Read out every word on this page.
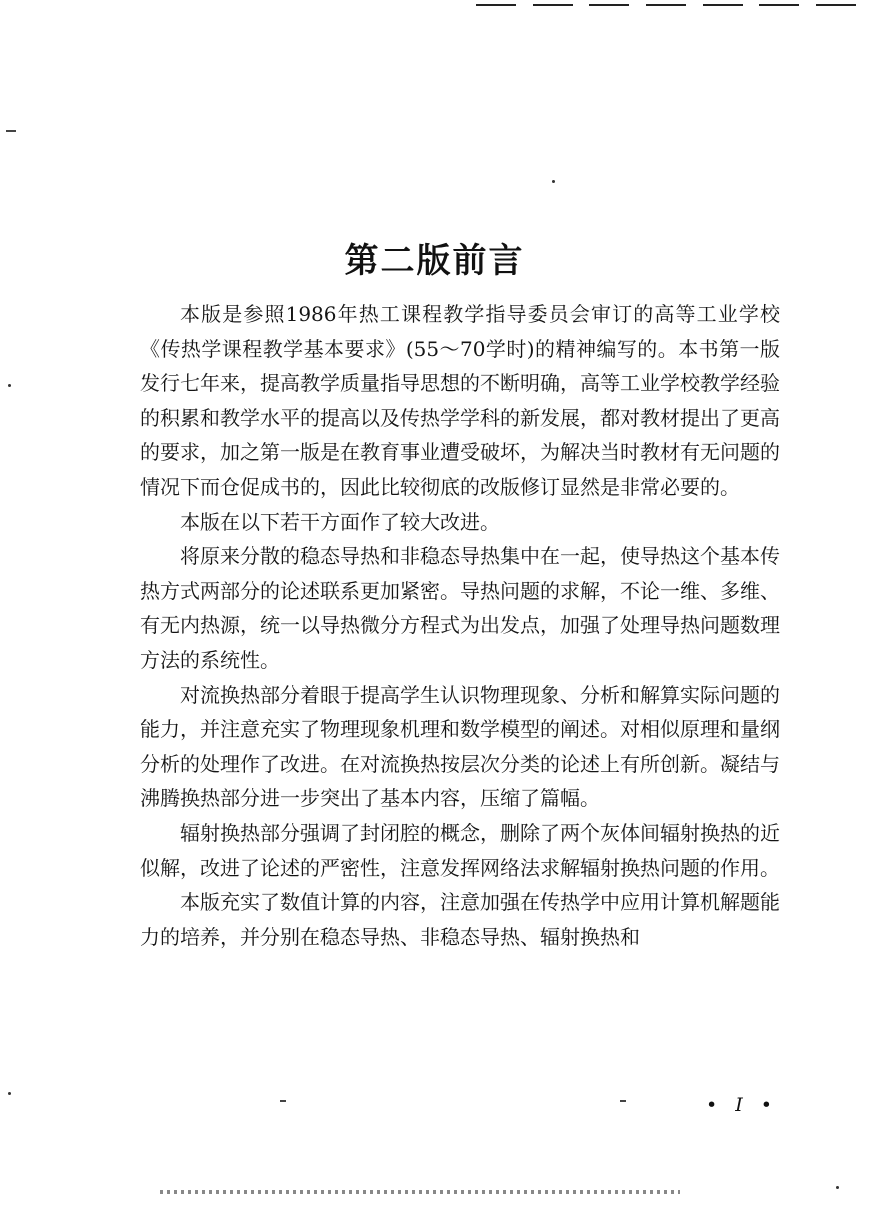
第二版前言

本版是参照1986年热工课程教学指导委员会审订的高等工业学校《传热学课程教学基本要求》(55～70学时)的精神编写的。本书第一版发行七年来，提高教学质量指导思想的不断明确，高等工业学校教学经验的积累和教学水平的提高以及传热学学科的新发展，都对教材提出了更高的要求，加之第一版是在教育事业遭受破坏，为解决当时教材有无问题的情况下而仓促成书的，因此比较彻底的改版修订显然是非常必要的。

本版在以下若干方面作了较大改进。

将原来分散的稳态导热和非稳态导热集中在一起，使导热这个基本传热方式两部分的论述联系更加紧密。导热问题的求解，不论一维、多维、有无内热源，统一以导热微分方程式为出发点，加强了处理导热问题数理方法的系统性。

对流换热部分着眼于提高学生认识物理现象、分析和解算实际问题的能力，并注意充实了物理现象机理和数学模型的阐述。对相似原理和量纲分析的处理作了改进。在对流换热按层次分类的论述上有所创新。凝结与沸腾换热部分进一步突出了基本内容，压缩了篇幅。

辐射换热部分强调了封闭腔的概念，删除了两个灰体间辐射换热的近似解，改进了论述的严密性，注意发挥网络法求解辐射换热问题的作用。

本版充实了数值计算的内容，注意加强在传热学中应用计算机解题能力的培养，并分别在稳态导热、非稳态导热、辐射换热和

• I •
